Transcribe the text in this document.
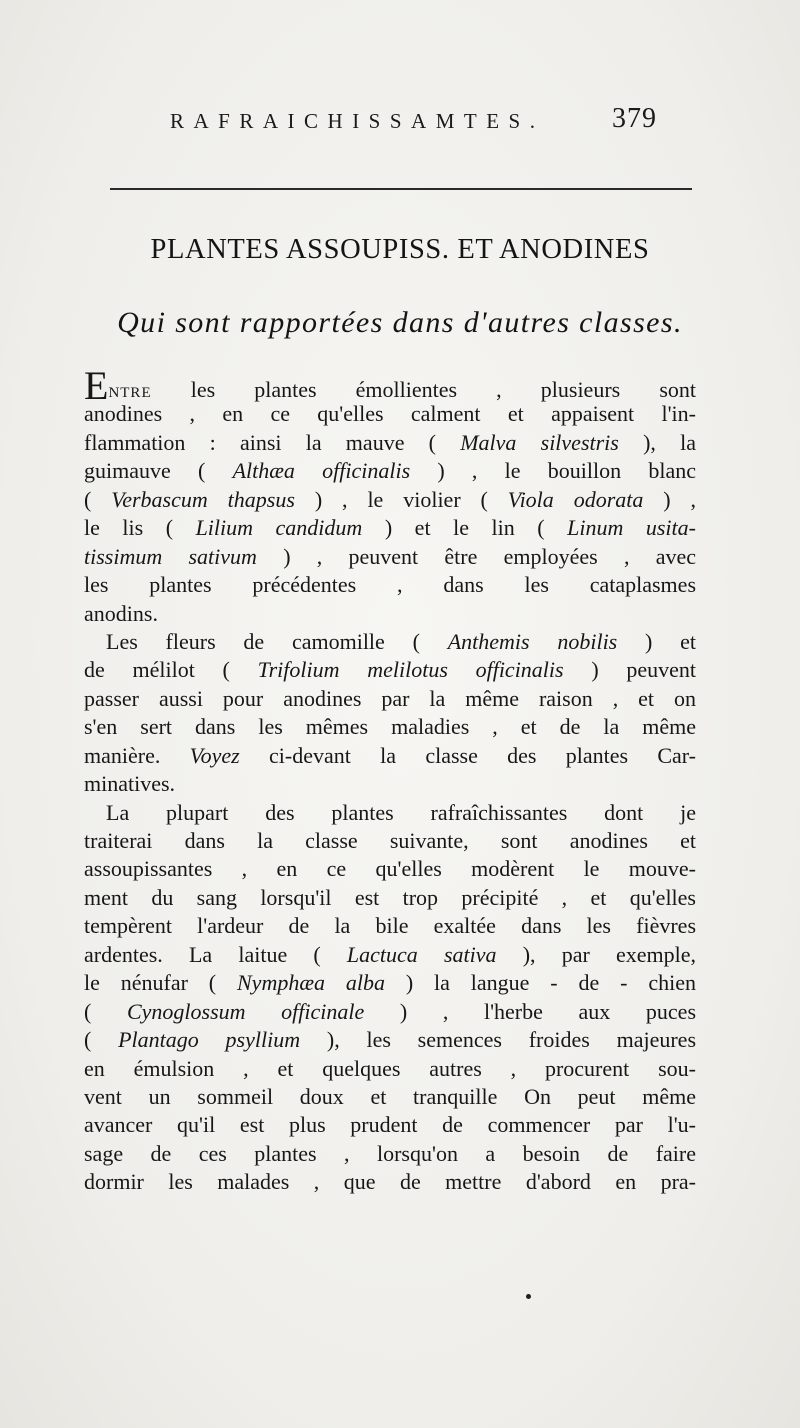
RAFRAICHISSAMTES. 379
PLANTES ASSOUPISS. ET ANODINES
Qui sont rapportées dans d'autres classes.
ENTRE les plantes émollientes , plusieurs sont
anodines , en ce qu'elles calment et appaisent l'in-
flammation : ainsi la mauve ( Malva silvestris ), la
guimauve ( Althæa officinalis ) , le bouillon blanc
( Verbascum thapsus ) , le violier ( Viola odorata ) ,
le lis ( Lilium candidum ) et le lin ( Linum usita-
tissimum sativum ) , peuvent être employées , avec
les plantes précédentes , dans les cataplasmes
anodins.
Les fleurs de camomille ( Anthemis nobilis ) et
de mélilot ( Trifolium melilotus officinalis ) peuvent
passer aussi pour anodines par la même raison , et on
s'en sert dans les mêmes maladies , et de la même
manière. Voyez ci-devant la classe des plantes Car-
minatives.
La plupart des plantes rafraîchissantes dont je
traiterai dans la classe suivante, sont anodines et
assoupissantes , en ce qu'elles modèrent le mouve-
ment du sang lorsqu'il est trop précipité , et qu'elles
tempèrent l'ardeur de la bile exaltée dans les fièvres
ardentes. La laitue ( Lactuca sativa ), par exemple,
le nénufar ( Nymphæa alba ) la langue - de - chien
( Cynoglossum officinale ) , l'herbe aux puces
( Plantago psyllium ), les semences froides majeures
en émulsion , et quelques autres , procurent sou-
vent un sommeil doux et tranquille On peut même
avancer qu'il est plus prudent de commencer par l'u-
sage de ces plantes , lorsqu'on a besoin de faire
dormir les malades , que de mettre d'abord en pra-
